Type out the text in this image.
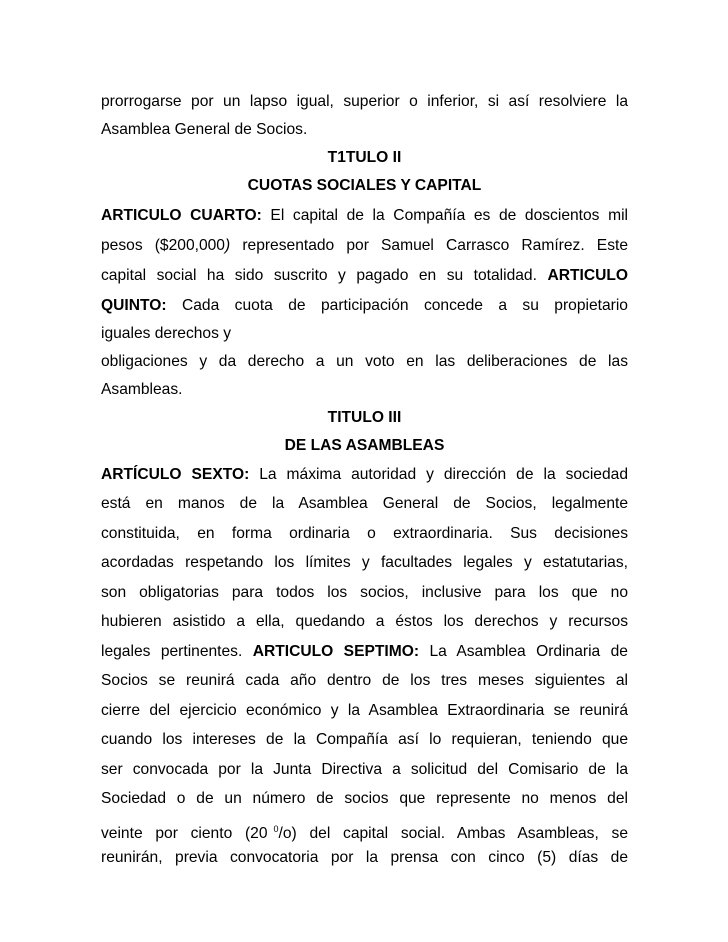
prorrogarse por un lapso igual, superior o inferior, si así resolviere la
Asamblea General de Socios.
T1TULO II
CUOTAS SOCIALES Y CAPITAL
ARTICULO CUARTO: El capital de la Compañía es de doscientos mil
pesos ($200,000) representado por Samuel Carrasco Ramírez. Este
capital social ha sido suscrito y pagado en su totalidad. ARTICULO
QUINTO: Cada cuota de participación concede a su propietario
iguales derechos y
obligaciones y da derecho a un voto en las deliberaciones de las
Asambleas.
TITULO III
DE LAS ASAMBLEAS
ARTÍCULO SEXTO: La máxima autoridad y dirección de la sociedad
está en manos de la Asamblea General de Socios, legalmente
constituida, en forma ordinaria o extraordinaria. Sus decisiones
acordadas respetando los límites y facultades legales y estatutarias,
son obligatorias para todos los socios, inclusive para los que no
hubieren asistido a ella, quedando a éstos los derechos y recursos
legales pertinentes. ARTICULO SEPTIMO: La Asamblea Ordinaria de
Socios se reunirá cada año dentro de los tres meses siguientes al
cierre del ejercicio económico y la Asamblea Extraordinaria se reunirá
cuando los intereses de la Compañía así lo requieran, teniendo que
ser convocada por la Junta Directiva a solicitud del Comisario de la
Sociedad o de un número de socios que represente no menos del
veinte por ciento (20 $^0$/o) del capital social. Ambas Asambleas, se
reunirán, previa convocatoria por la prensa con cinco (5) días de
